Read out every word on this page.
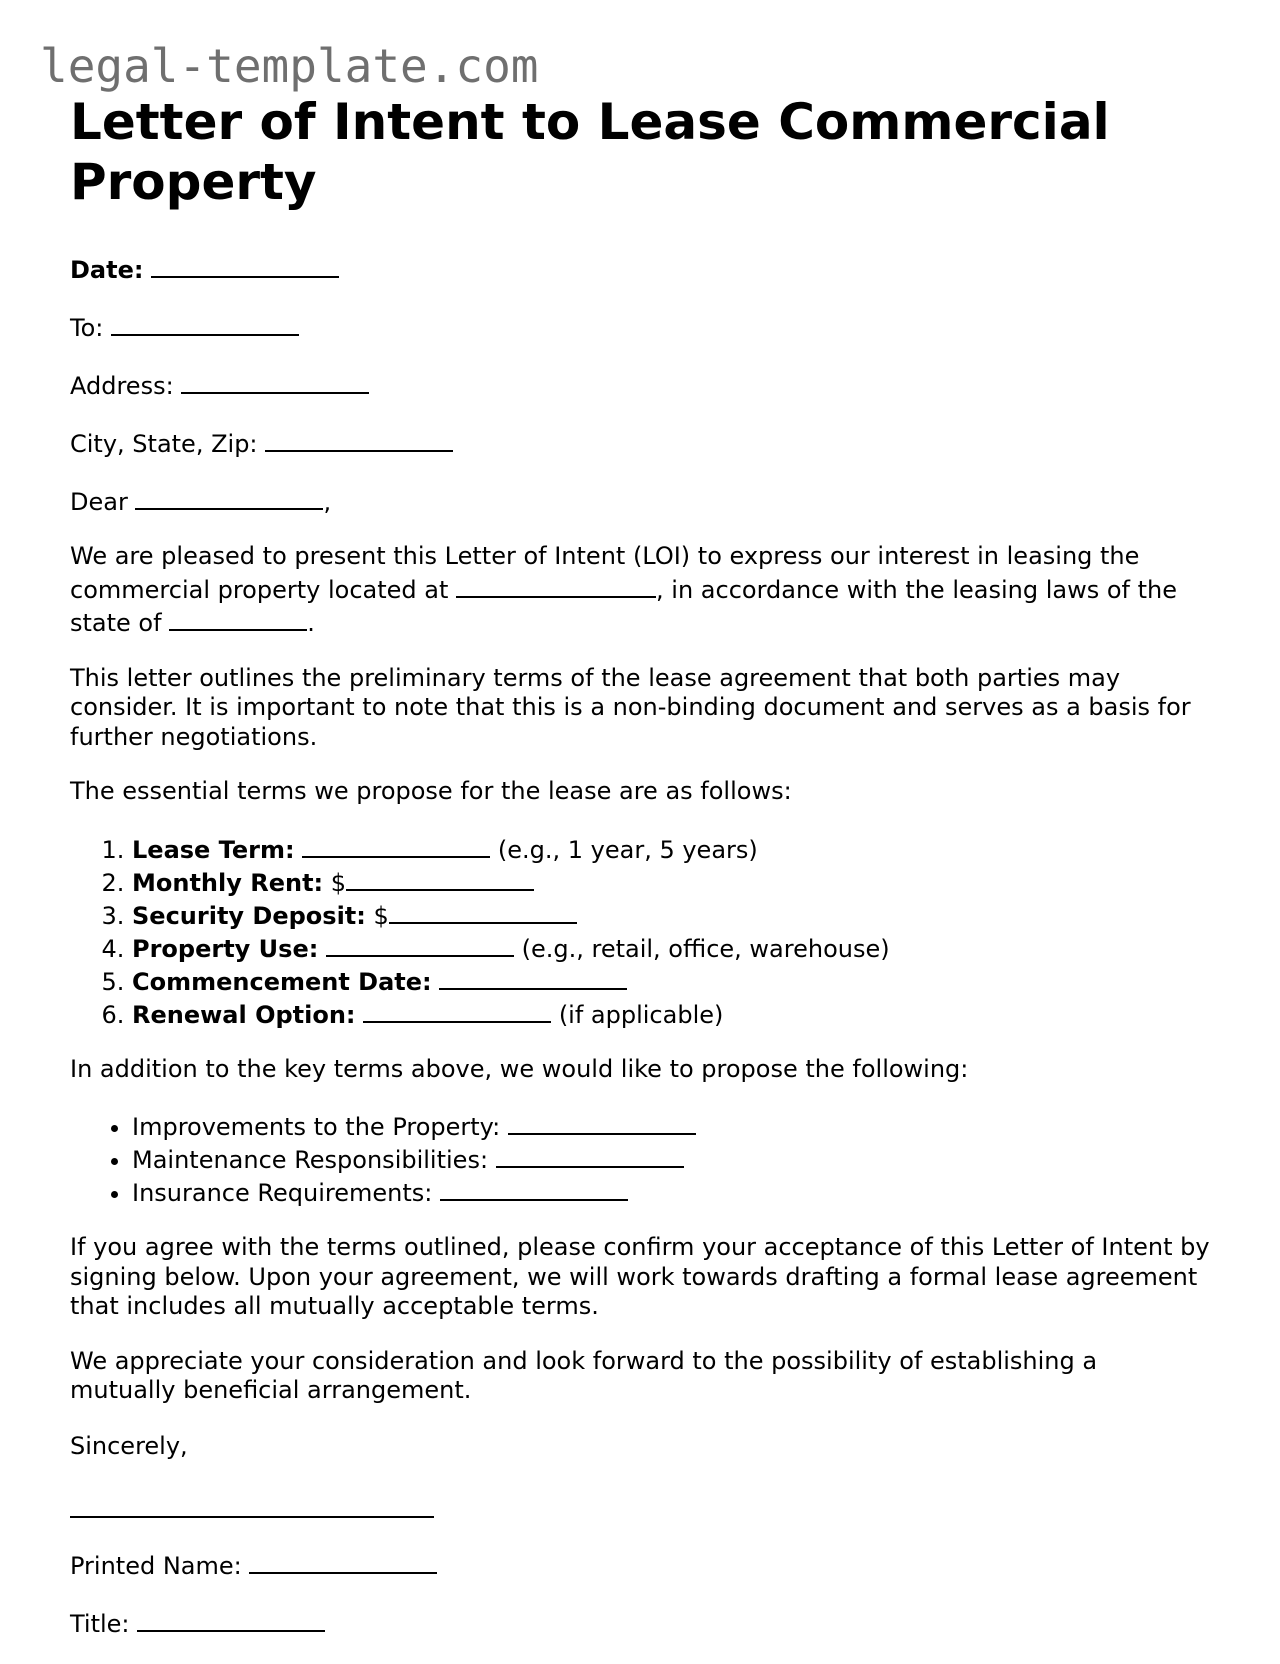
legal-template.com
Letter of Intent to Lease Commercial Property
Date:
To:
Address:
City, State, Zip:
Dear	,
We are pleased to present this Letter of Intent (LOI) to express our interest in leasing the commercial property located at	, in accordance with the leasing laws of the state of	.
This letter outlines the preliminary terms of the lease agreement that both parties may consider. It is important to note that this is a non-binding document and serves as a basis for further negotiations.
The essential terms we propose for the lease are as follows:
1. Lease Term:	(e.g., 1 year, 5 years)
2. Monthly Rent: $
3. Security Deposit: $
4. Property Use:	(e.g., retail, office, warehouse)
5. Commencement Date:
6. Renewal Option:	(if applicable)
In addition to the key terms above, we would like to propose the following:
• Improvements to the Property:
• Maintenance Responsibilities:
• Insurance Requirements:
If you agree with the terms outlined, please confirm your acceptance of this Letter of Intent by signing below. Upon your agreement, we will work towards drafting a formal lease agreement that includes all mutually acceptable terms.
We appreciate your consideration and look forward to the possibility of establishing a mutually beneficial arrangement.
Sincerely,
Printed Name:
Title:
